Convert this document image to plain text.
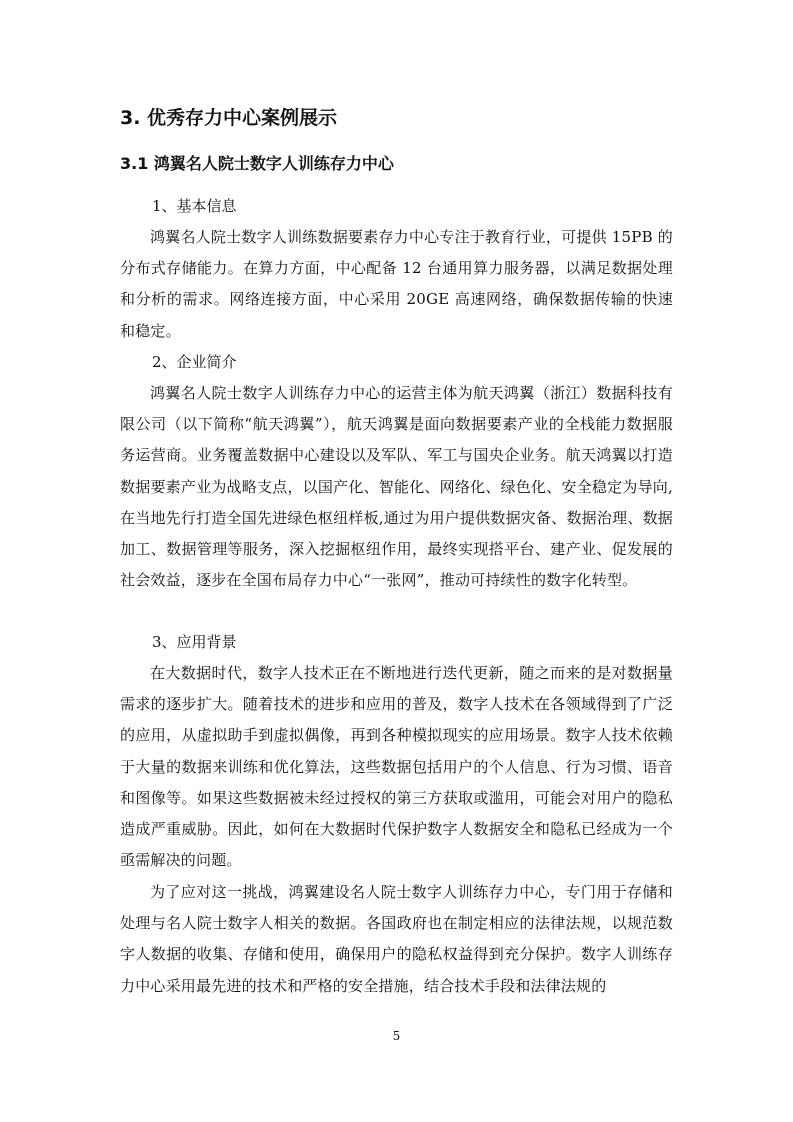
3. 优秀存力中心案例展示
3.1 鸿翼名人院士数字人训练存力中心
1、基本信息

鸿翼名人院士数字人训练数据要素存力中心专注于教育行业，可提供 15PB 的分布式存储能力。在算力方面，中心配备 12 台通用算力服务器，以满足数据处理和分析的需求。网络连接方面，中心采用 20GE 高速网络，确保数据传输的快速和稳定。

2、企业简介

鸿翼名人院士数字人训练存力中心的运营主体为航天鸿翼（浙江）数据科技有限公司（以下简称“航天鸿翼”），航天鸿翼是面向数据要素产业的全栈能力数据服务运营商。业务覆盖数据中心建设以及军队、军工与国央企业务。航天鸿翼以打造数据要素产业为战略支点，以国产化、智能化、网络化、绿色化、安全稳定为导向,在当地先行打造全国先进绿色枢纽样板,通过为用户提供数据灾备、数据治理、数据加工、数据管理等服务，深入挖掘枢纽作用，最终实现搭平台、建产业、促发展的社会效益，逐步在全国布局存力中心“一张网”，推动可持续性的数字化转型。

3、应用背景

在大数据时代，数字人技术正在不断地进行迭代更新，随之而来的是对数据量需求的逐步扩大。随着技术的进步和应用的普及，数字人技术在各领域得到了广泛的应用，从虚拟助手到虚拟偶像，再到各种模拟现实的应用场景。数字人技术依赖于大量的数据来训练和优化算法，这些数据包括用户的个人信息、行为习惯、语音和图像等。如果这些数据被未经过授权的第三方获取或滥用，可能会对用户的隐私造成严重威胁。因此，如何在大数据时代保护数字人数据安全和隐私已经成为一个亟需解决的问题。

为了应对这一挑战，鸿翼建设名人院士数字人训练存力中心，专门用于存储和处理与名人院士数字人相关的数据。各国政府也在制定相应的法律法规，以规范数字人数据的收集、存储和使用，确保用户的隐私权益得到充分保护。数字人训练存力中心采用最先进的技术和严格的安全措施，结合技术手段和法律法规的

5
